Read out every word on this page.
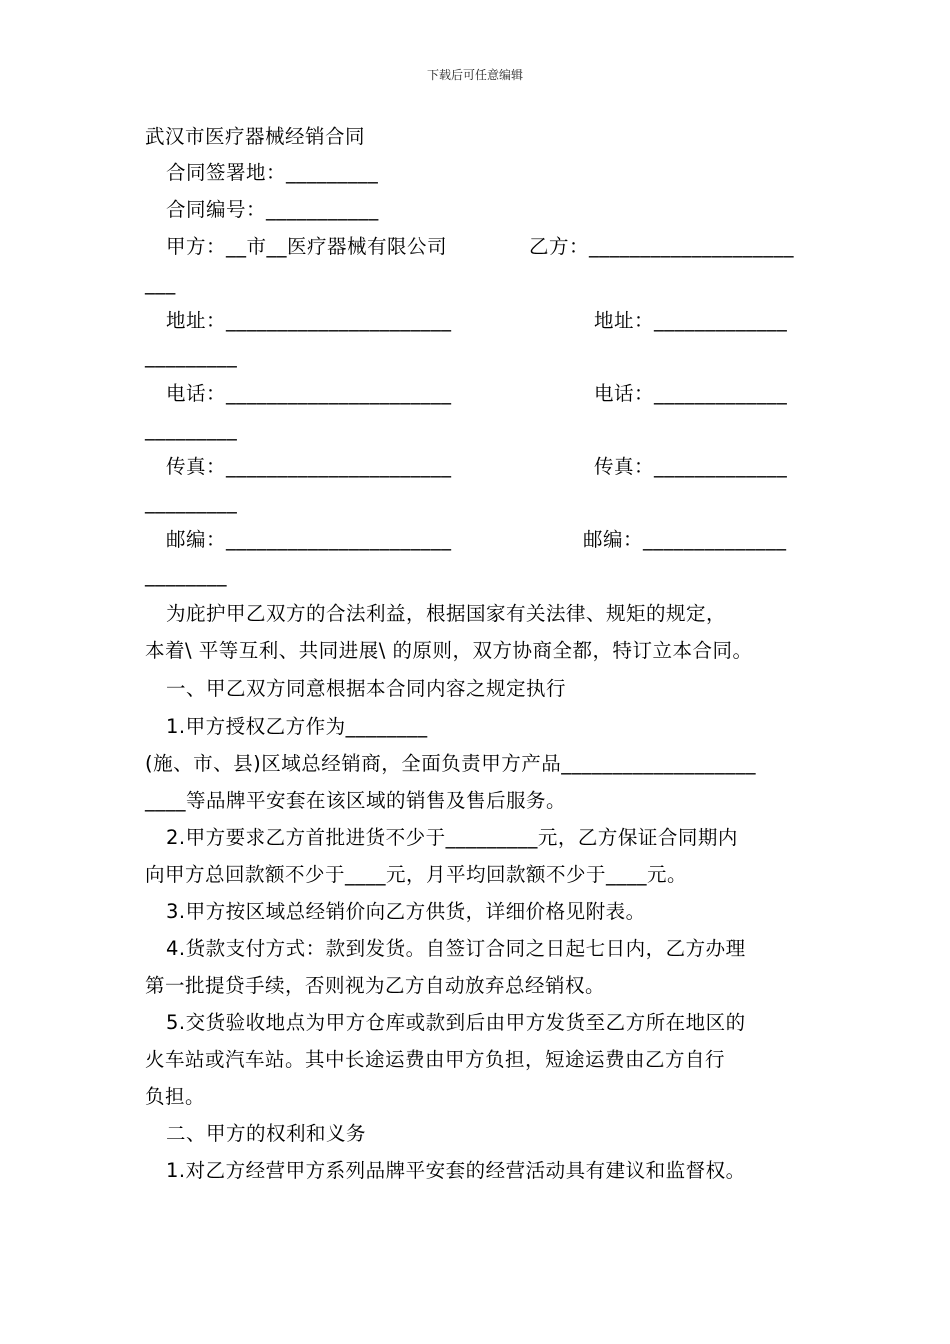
下载后可任意编辑
武汉市医疗器械经销合同
合同签署地：_________
合同编号：___________
甲方：__市__医疗器械有限公司	乙方：____________________
___
地址：______________________	地址：_____________
_________
电话：______________________	电话：_____________
_________
传真：______________________	传真：_____________
_________
邮编：______________________	邮编：______________
________
为庇护甲乙双方的合法利益，根据国家有关法律、规矩的规定，
本着\ 平等互利、共同进展\ 的原则，双方协商全都，特订立本合同。
一、甲乙双方同意根据本合同内容之规定执行
1.甲方授权乙方作为________
(施、市、县)区域总经销商，全面负责甲方产品___________________
____等品牌平安套在该区域的销售及售后服务。
2.甲方要求乙方首批进货不少于_________元，乙方保证合同期内
向甲方总回款额不少于____元，月平均回款额不少于____元。
3.甲方按区域总经销价向乙方供货，详细价格见附表。
4.货款支付方式：款到发货。自签订合同之日起七日内，乙方办理
第一批提贷手续，否则视为乙方自动放弃总经销权。
5.交货验收地点为甲方仓库或款到后由甲方发货至乙方所在地区的
火车站或汽车站。其中长途运费由甲方负担，短途运费由乙方自行
负担。
二、甲方的权利和义务
1.对乙方经营甲方系列品牌平安套的经营活动具有建议和监督权。
